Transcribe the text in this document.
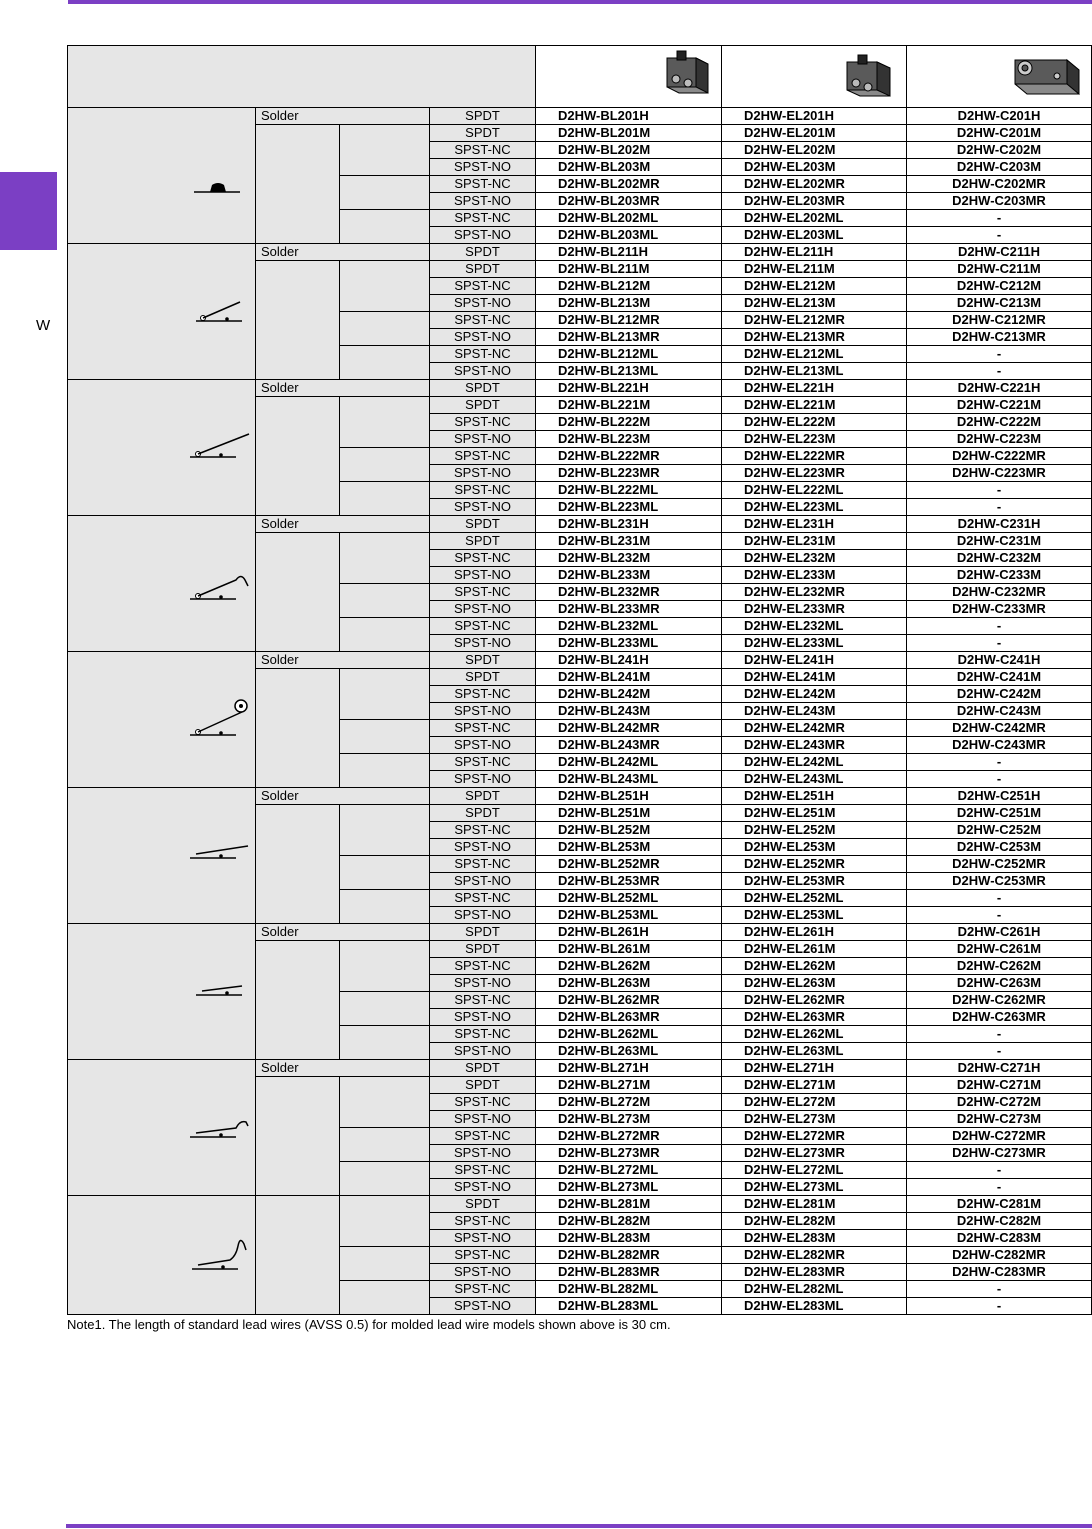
W

	Solder		SPDT	D2HW-BL201H	D2HW-EL201H	D2HW-C201H
			SPDT	D2HW-BL201M	D2HW-EL201M	D2HW-C201M
			SPST-NC	D2HW-BL202M	D2HW-EL202M	D2HW-C202M
			SPST-NO	D2HW-BL203M	D2HW-EL203M	D2HW-C203M
			SPST-NC	D2HW-BL202MR	D2HW-EL202MR	D2HW-C202MR
			SPST-NO	D2HW-BL203MR	D2HW-EL203MR	D2HW-C203MR
			SPST-NC	D2HW-BL202ML	D2HW-EL202ML	-
			SPST-NO	D2HW-BL203ML	D2HW-EL203ML	-

	Solder		SPDT	D2HW-BL211H	D2HW-EL211H	D2HW-C211H
			SPDT	D2HW-BL211M	D2HW-EL211M	D2HW-C211M
			SPST-NC	D2HW-BL212M	D2HW-EL212M	D2HW-C212M
			SPST-NO	D2HW-BL213M	D2HW-EL213M	D2HW-C213M
			SPST-NC	D2HW-BL212MR	D2HW-EL212MR	D2HW-C212MR
			SPST-NO	D2HW-BL213MR	D2HW-EL213MR	D2HW-C213MR
			SPST-NC	D2HW-BL212ML	D2HW-EL212ML	-
			SPST-NO	D2HW-BL213ML	D2HW-EL213ML	-

	Solder		SPDT	D2HW-BL221H	D2HW-EL221H	D2HW-C221H
			SPDT	D2HW-BL221M	D2HW-EL221M	D2HW-C221M
			SPST-NC	D2HW-BL222M	D2HW-EL222M	D2HW-C222M
			SPST-NO	D2HW-BL223M	D2HW-EL223M	D2HW-C223M
			SPST-NC	D2HW-BL222MR	D2HW-EL222MR	D2HW-C222MR
			SPST-NO	D2HW-BL223MR	D2HW-EL223MR	D2HW-C223MR
			SPST-NC	D2HW-BL222ML	D2HW-EL222ML	-
			SPST-NO	D2HW-BL223ML	D2HW-EL223ML	-

	Solder		SPDT	D2HW-BL231H	D2HW-EL231H	D2HW-C231H
			SPDT	D2HW-BL231M	D2HW-EL231M	D2HW-C231M
			SPST-NC	D2HW-BL232M	D2HW-EL232M	D2HW-C232M
			SPST-NO	D2HW-BL233M	D2HW-EL233M	D2HW-C233M
			SPST-NC	D2HW-BL232MR	D2HW-EL232MR	D2HW-C232MR
			SPST-NO	D2HW-BL233MR	D2HW-EL233MR	D2HW-C233MR
			SPST-NC	D2HW-BL232ML	D2HW-EL232ML	-
			SPST-NO	D2HW-BL233ML	D2HW-EL233ML	-

	Solder		SPDT	D2HW-BL241H	D2HW-EL241H	D2HW-C241H
			SPDT	D2HW-BL241M	D2HW-EL241M	D2HW-C241M
			SPST-NC	D2HW-BL242M	D2HW-EL242M	D2HW-C242M
			SPST-NO	D2HW-BL243M	D2HW-EL243M	D2HW-C243M
			SPST-NC	D2HW-BL242MR	D2HW-EL242MR	D2HW-C242MR
			SPST-NO	D2HW-BL243MR	D2HW-EL243MR	D2HW-C243MR
			SPST-NC	D2HW-BL242ML	D2HW-EL242ML	-
			SPST-NO	D2HW-BL243ML	D2HW-EL243ML	-

	Solder		SPDT	D2HW-BL251H	D2HW-EL251H	D2HW-C251H
			SPDT	D2HW-BL251M	D2HW-EL251M	D2HW-C251M
			SPST-NC	D2HW-BL252M	D2HW-EL252M	D2HW-C252M
			SPST-NO	D2HW-BL253M	D2HW-EL253M	D2HW-C253M
			SPST-NC	D2HW-BL252MR	D2HW-EL252MR	D2HW-C252MR
			SPST-NO	D2HW-BL253MR	D2HW-EL253MR	D2HW-C253MR
			SPST-NC	D2HW-BL252ML	D2HW-EL252ML	-
			SPST-NO	D2HW-BL253ML	D2HW-EL253ML	-

	Solder		SPDT	D2HW-BL261H	D2HW-EL261H	D2HW-C261H
			SPDT	D2HW-BL261M	D2HW-EL261M	D2HW-C261M
			SPST-NC	D2HW-BL262M	D2HW-EL262M	D2HW-C262M
			SPST-NO	D2HW-BL263M	D2HW-EL263M	D2HW-C263M
			SPST-NC	D2HW-BL262MR	D2HW-EL262MR	D2HW-C262MR
			SPST-NO	D2HW-BL263MR	D2HW-EL263MR	D2HW-C263MR
			SPST-NC	D2HW-BL262ML	D2HW-EL262ML	-
			SPST-NO	D2HW-BL263ML	D2HW-EL263ML	-

	Solder		SPDT	D2HW-BL271H	D2HW-EL271H	D2HW-C271H
			SPDT	D2HW-BL271M	D2HW-EL271M	D2HW-C271M
			SPST-NC	D2HW-BL272M	D2HW-EL272M	D2HW-C272M
			SPST-NO	D2HW-BL273M	D2HW-EL273M	D2HW-C273M
			SPST-NC	D2HW-BL272MR	D2HW-EL272MR	D2HW-C272MR
			SPST-NO	D2HW-BL273MR	D2HW-EL273MR	D2HW-C273MR
			SPST-NC	D2HW-BL272ML	D2HW-EL272ML	-
			SPST-NO	D2HW-BL273ML	D2HW-EL273ML	-

			SPDT	D2HW-BL281M	D2HW-EL281M	D2HW-C281M
			SPST-NC	D2HW-BL282M	D2HW-EL282M	D2HW-C282M
			SPST-NO	D2HW-BL283M	D2HW-EL283M	D2HW-C283M
			SPST-NC	D2HW-BL282MR	D2HW-EL282MR	D2HW-C282MR
			SPST-NO	D2HW-BL283MR	D2HW-EL283MR	D2HW-C283MR
			SPST-NC	D2HW-BL282ML	D2HW-EL282ML	-
			SPST-NO	D2HW-BL283ML	D2HW-EL283ML	-
Note1. The length of standard lead wires (AVSS 0.5) for molded lead wire models shown above is 30 cm.
